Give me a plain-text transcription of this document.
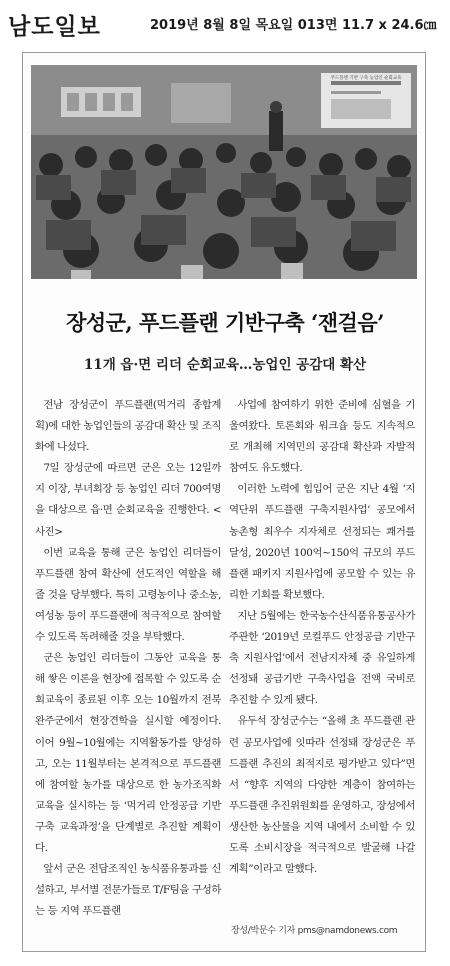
남도일보	2019년 8월 8일 목요일 013면 11.7 x 24.6㎝
푸드플랜 기반 구축 농업인 순회교육
장성군, 푸드플랜 기반구축 ‘잰걸음’
11개 읍·면 리더 순회교육…농업인 공감대 확산

전남 장성군이 푸드플랜(먹거리 종합계획)에 대한 농업인들의 공감대 확산 및 조직화에 나섰다.

7일 장성군에 따르면 군은 오는 12일까지 이장, 부녀회장 등 농업인 리더 700여명을 대상으로 읍·면 순회교육을 진행한다. <사진>

이번 교육을 통해 군은 농업인 리더들이 푸드플랜 참여 확산에 선도적인 역할을 해줄 것을 당부했다. 특히 고령농이나 중소농, 여성농 등이 푸드플랜에 적극적으로 참여할 수 있도록 독려해줄 것을 부탁했다.

군은 농업인 리더들이 그동안 교육을 통해 쌓은 이론을 현장에 접목할 수 있도록 순회교육이 종료된 이후 오는 10월까지 전북 완주군에서 현장견학을 실시할 예정이다. 이어 9월~10월에는 지역활동가를 양성하고, 오는 11월부터는 본격적으로 푸드플랜에 참여할 농가를 대상으로 한 농가조직화 교육을 실시하는 등 ‘먹거리 안정공급 기반구축 교육과정’을 단계별로 추진할 계획이다.

앞서 군은 전담조직인 농식품유통과를 신설하고, 부서별 전문가들로 T/F팀을 구성하는 등 지역 푸드플랜

사업에 참여하기 위한 준비에 심혈을 기울여왔다. 토론회와 워크숍 등도 지속적으로 개최해 지역민의 공감대 확산과 자발적 참여도 유도했다.

이러한 노력에 힘입어 군은 지난 4월 ‘지역단위 푸드플랜 구축지원사업’ 공모에서 농촌형 최우수 지자체로 선정되는 쾌거를 달성, 2020년 100억~150억 규모의 푸드플랜 패키지 지원사업에 공모할 수 있는 유리한 기회를 확보했다.

지난 5월에는 한국농수산식품유통공사가 주관한 ‘2019년 로컬푸드 안정공급 기반구축 지원사업’에서 전남지자체 중 유일하게 선정돼 공급기반 구축사업을 전액 국비로 추진할 수 있게 됐다.

유두석 장성군수는 “올해 초 푸드플랜 관련 공모사업에 잇따라 선정돼 장성군은 푸드플랜 추진의 최적지로 평가받고 있다”면서 “향후 지역의 다양한 계층이 참여하는 푸드플랜 추진위원회를 운영하고, 장성에서 생산한 농산물을 지역 내에서 소비할 수 있도록 소비시장을 적극적으로 발굴해 나갈 계획”이라고 말했다.

장성/박문수 기자 pms@namdonews.com
